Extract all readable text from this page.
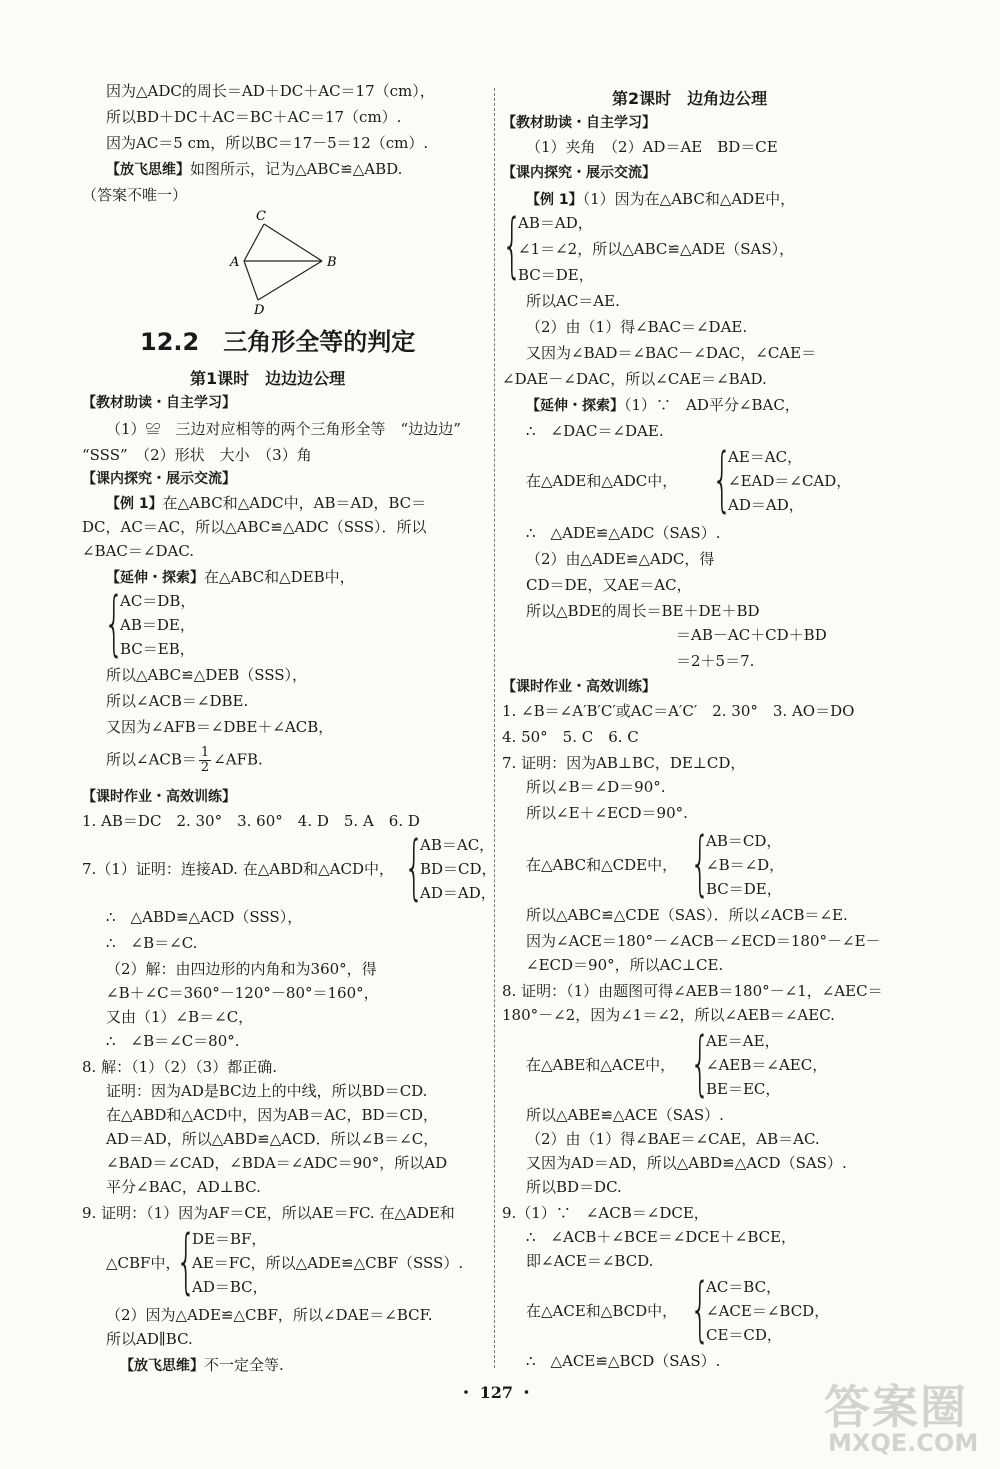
因为△ADC的周长＝AD＋DC＋AC＝17（cm），
所以BD＋DC＋AC＝BC＋AC＝17（cm）.
因为AC＝5 cm，所以BC＝17－5＝12（cm）.
【放飞思维】如图所示，记为△ABC≌△ABD.
（答案不唯一）
C
A	B
D
12.2　三角形全等的判定
第1课时　边边边公理
【教材助读・自主学习】
（1）≌　三边对应相等的两个三角形全等　“边边边”
“SSS”　（2）形状　大小　（3）角
【课内探究・展示交流】
【例 1】在△ABC和△ADC中，AB＝AD，BC＝
DC，AC＝AC，所以△ABC≌△ADC（SSS）．所以
∠BAC＝∠DAC.
【延伸・探索】在△ABC和△DEB中，
{
AC＝DB，
AB＝DE，
BC＝EB，
所以△ABC≌△DEB（SSS），
所以∠ACB＝∠DBE.
又因为∠AFB＝∠DBE＋∠ACB，
所以∠ACB＝ $\frac{1}{2}$ ∠AFB.
【课时作业・高效训练】
1. AB＝DC　2. 30°　3. 60°　4. D　5. A　6. D
7.（1）证明：连接AD. 在△ABD和△ACD中， {
AB＝AC，
BD＝CD，
AD＝AD，
∴　△ABD≌△ACD（SSS），
∴　∠B＝∠C.
（2）解：由四边形的内角和为360°，得
∠B＋∠C＝360°－120°－80°＝160°，
又由（1）∠B＝∠C，
∴　∠B＝∠C＝80°.
8. 解：（1）（2）（3）都正确.
证明：因为AD是BC边上的中线，所以BD＝CD.
在△ABD和△ACD中，因为AB＝AC，BD＝CD，
AD＝AD，所以△ABD≌△ACD．所以∠B＝∠C，
∠BAD＝∠CAD，∠BDA＝∠ADC＝90°，所以AD
平分∠BAC，AD⊥BC.
9. 证明：（1）因为AF＝CE，所以AE＝FC. 在△ADE和
△CBF中，
{
DE＝BF，
AE＝FC，所以△ADE≌△CBF（SSS）.
AD＝BC，
（2）因为△ADE≌△CBF，所以∠DAE＝∠BCF.
所以AD∥BC.
【放飞思维】不一定全等.
第2课时　边角边公理
【教材助读・自主学习】
（1）夹角　（2）AD＝AE　BD＝CE
【课内探究・展示交流】
【例 1】（1）因为在△ABC和△ADE中，
{
AB＝AD，
∠1＝∠2，所以△ABC≌△ADE（SAS），
BC＝DE，
所以AC＝AE.
（2）由（1）得∠BAC＝∠DAE.
又因为∠BAD＝∠BAC－∠DAC，∠CAE＝
∠DAE－∠DAC，所以∠CAE＝∠BAD.
【延伸・探索】（1）∵　AD平分∠BAC，
∴　∠DAC＝∠DAE.
在△ADE和△ADC中， {
AE＝AC，
∠EAD＝∠CAD，
AD＝AD，
∴　△ADE≌△ADC（SAS）.
（2）由△ADE≌△ADC，得
CD＝DE，又AE＝AC，
所以△BDE的周长＝BE＋DE＋BD
＝AB－AC＋CD＋BD
＝2＋5＝7.
【课时作业・高效训练】
1. ∠B＝∠A′B′C′或AC＝A′C′　2. 30°　3. AO＝DO
4. 50°　5. C　6. C
7. 证明：因为AB⊥BC，DE⊥CD，
所以∠B＝∠D＝90°.
所以∠E＋∠ECD＝90°.
在△ABC和△CDE中， {
AB＝CD，
∠B＝∠D，
BC＝DE，
所以△ABC≌△CDE（SAS）．所以∠ACB＝∠E.
因为∠ACE＝180°－∠ACB－∠ECD＝180°－∠E－
∠ECD＝90°，所以AC⊥CE.
8. 证明：（1）由题图可得∠AEB＝180°－∠1，∠AEC＝
180°－∠2，因为∠1＝∠2，所以∠AEB＝∠AEC.
在△ABE和△ACE中， {
AE＝AE，
∠AEB＝∠AEC，
BE＝EC，
所以△ABE≌△ACE（SAS）.
（2）由（1）得∠BAE＝∠CAE，AB＝AC.
又因为AD＝AD，所以△ABD≌△ACD（SAS）.
所以BD＝DC.
9.（1）∵　∠ACB＝∠DCE，
∴　∠ACB＋∠BCE＝∠DCE＋∠BCE，
即∠ACE＝∠BCD.
在△ACE和△BCD中， {
AC＝BC，
∠ACE＝∠BCD，
CE＝CD，
∴　△ACE≌△BCD（SAS）.
・ 127 ・	答案圈
MXQE.COM
